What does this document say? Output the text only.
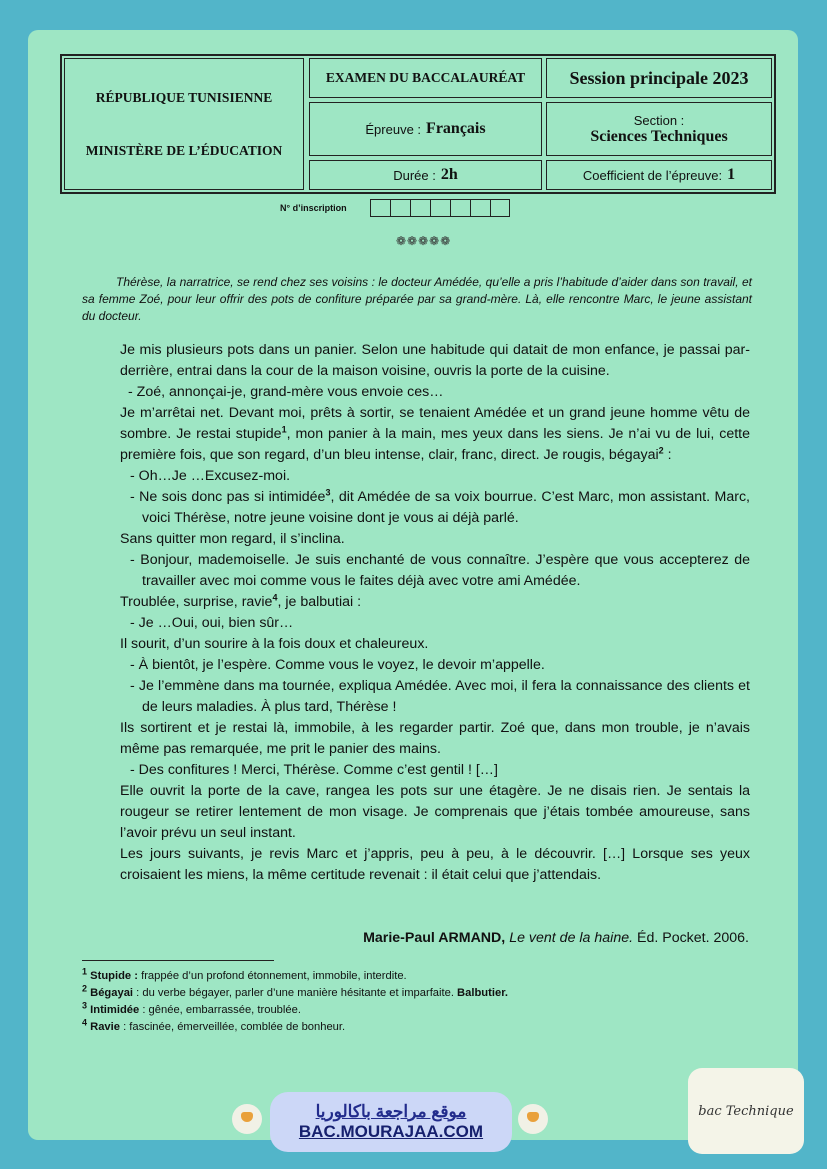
RÉPUBLIQUE TUNISIENNE
MINISTÈRE DE L’ÉDUCATION
EXAMEN DU BACCALAURÉAT	Session principale 2023
Épreuve : Français	Section :
Sciences Techniques
Durée : 2h	Coefficient de l’épreuve: 1
N° d’inscription
❁❁❁❁❁
Thérèse, la narratrice, se rend chez ses voisins : le docteur Amédée, qu’elle a pris l’habitude d’aider dans son travail, et sa femme Zoé, pour leur offrir des pots de confiture préparée par sa grand-mère. Là, elle rencontre Marc, le jeune assistant du docteur.

Je mis plusieurs pots dans un panier. Selon une habitude qui datait de mon enfance, je passai par-derrière, entrai dans la cour de la maison voisine, ouvris la porte de la cuisine.

- Zoé, annonçai-je, grand-mère vous envoie ces…

Je m’arrêtai net. Devant moi, prêts à sortir, se tenaient Amédée et un grand jeune homme vêtu de sombre. Je restai stupide$^1$, mon panier à la main, mes yeux dans les siens. Je n’ai vu de lui, cette première fois, que son regard, d’un bleu intense, clair, franc, direct. Je rougis, bégayai$^2$ :

- Oh…Je …Excusez-moi.

- Ne sois donc pas si intimidée$^3$, dit Amédée de sa voix bourrue. C’est Marc, mon assistant. Marc, voici Thérèse, notre jeune voisine dont je vous ai déjà parlé.

Sans quitter mon regard, il s’inclina.

- Bonjour, mademoiselle. Je suis enchanté de vous connaître. J’espère que vous accepterez de travailler avec moi comme vous le faites déjà avec votre ami Amédée.

Troublée, surprise, ravie$^4$, je balbutiai :

- Je …Oui, oui, bien sûr…

Il sourit, d’un sourire à la fois doux et chaleureux.

- À bientôt, je l’espère. Comme vous le voyez, le devoir m’appelle.

- Je l’emmène dans ma tournée, expliqua Amédée. Avec moi, il fera la connaissance des clients et de leurs maladies. À plus tard, Thérèse !

Ils sortirent et je restai là, immobile, à les regarder partir. Zoé que, dans mon trouble, je n’avais même pas remarquée, me prit le panier des mains.

- Des confitures ! Merci, Thérèse. Comme c’est gentil ! […]

Elle ouvrit la porte de la cave, rangea les pots sur une étagère. Je ne disais rien. Je sentais la rougeur se retirer lentement de mon visage. Je comprenais que j’étais tombée amoureuse, sans l’avoir prévu un seul instant.

Les jours suivants, je revis Marc et j’appris, peu à peu, à le découvrir. […] Lorsque ses yeux croisaient les miens, la même certitude revenait : il était celui que j’attendais.

Marie-Paul ARMAND, Le vent de la haine. Éd. Pocket. 2006.
$^1$ Stupide : frappée d’un profond étonnement, immobile, interdite.
$^2$ Bégayai : du verbe bégayer, parler d’une manière hésitante et imparfaite. Balbutier.
$^3$ Intimidée : gênée, embarrassée, troublée.
$^4$ Ravie : fascinée, émerveillée, comblée de bonheur.
موقع مراجعة باكالوريا
BAC.MOURAJAA.COM
bac Technique
